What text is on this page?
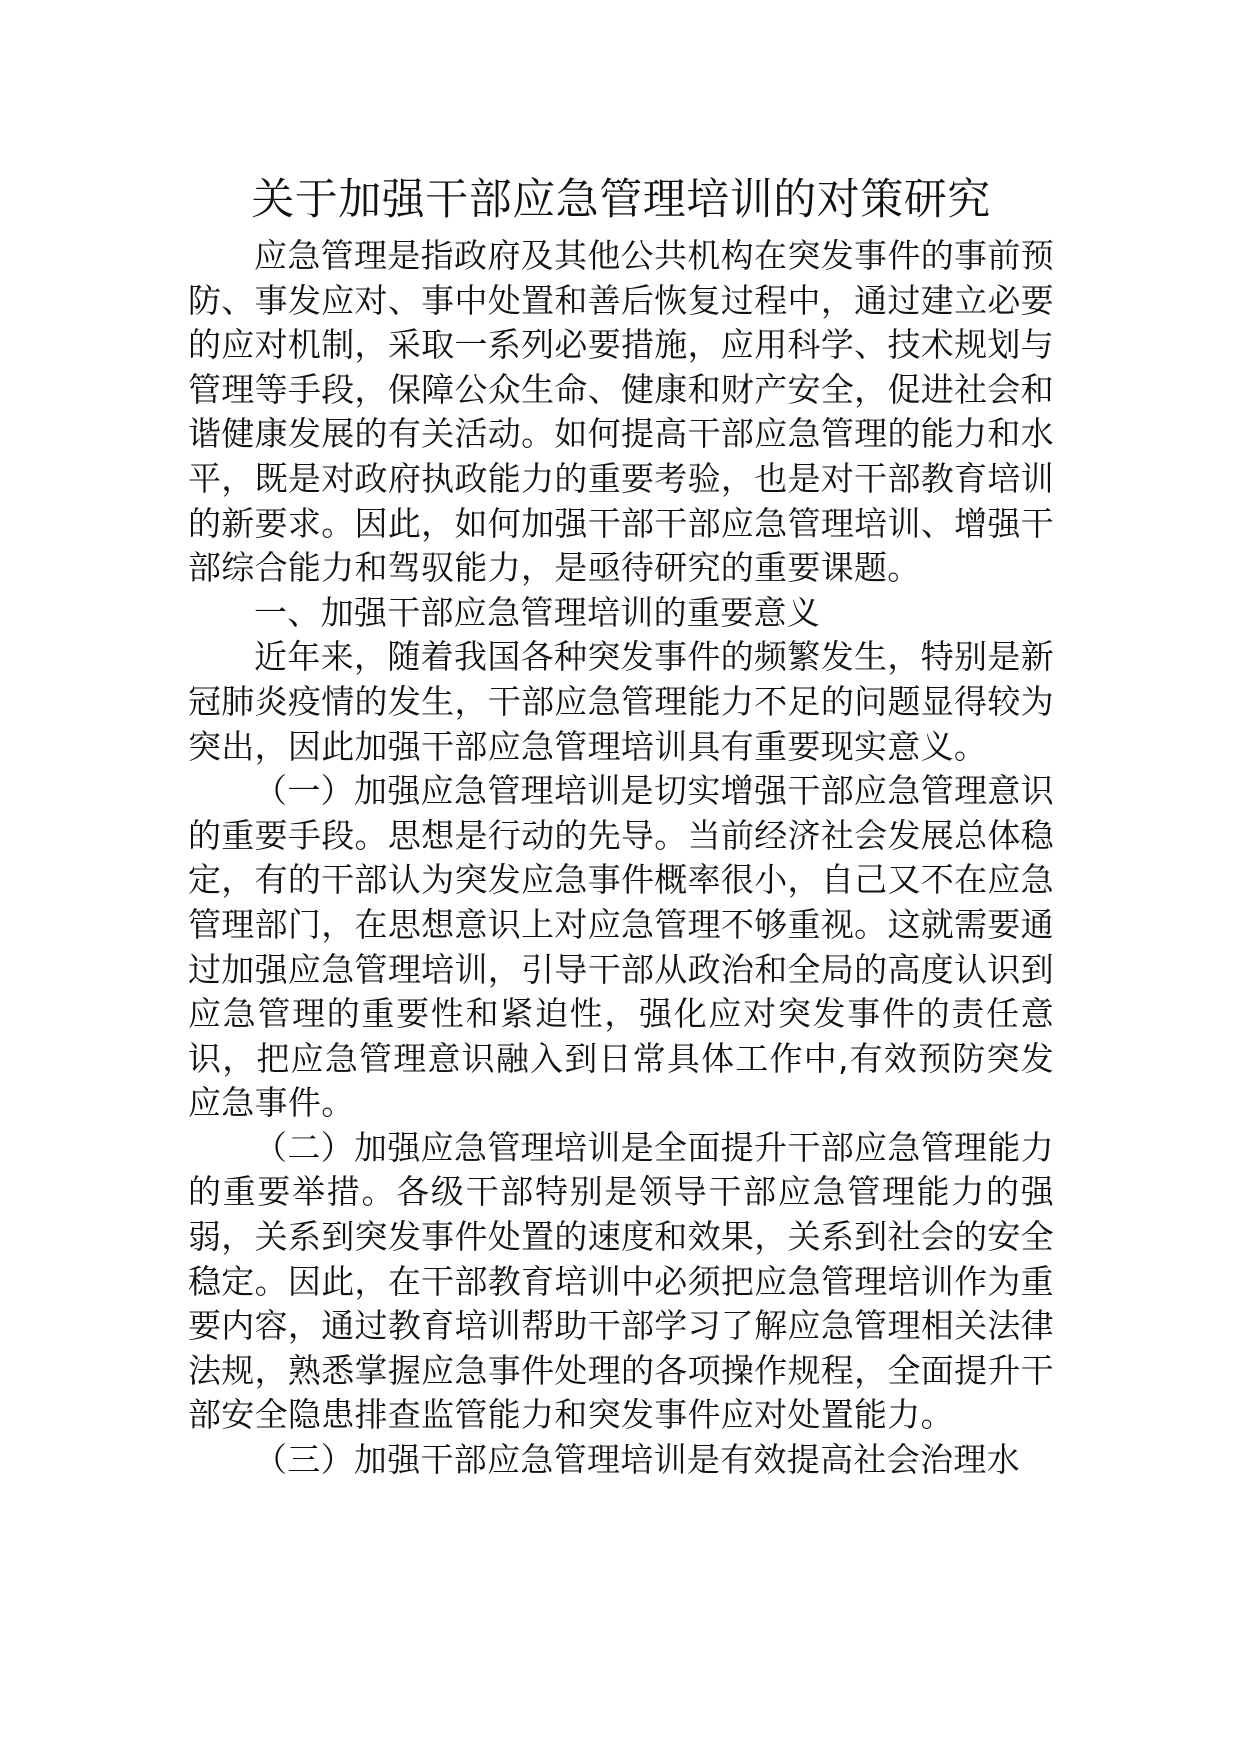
关于加强干部应急管理培训的对策研究

应急管理是指政府及其他公共机构在突发事件的事前预防、事发应对、事中处置和善后恢复过程中，通过建立必要的应对机制，采取一系列必要措施，应用科学、技术规划与管理等手段，保障公众生命、健康和财产安全，促进社会和谐健康发展的有关活动。如何提高干部应急管理的能力和水平，既是对政府执政能力的重要考验，也是对干部教育培训的新要求。因此，如何加强干部干部应急管理培训、增强干部综合能力和驾驭能力，是亟待研究的重要课题。

一、加强干部应急管理培训的重要意义

近年来，随着我国各种突发事件的频繁发生，特别是新冠肺炎疫情的发生，干部应急管理能力不足的问题显得较为突出，因此加强干部应急管理培训具有重要现实意义。

（一）加强应急管理培训是切实增强干部应急管理意识的重要手段。思想是行动的先导。当前经济社会发展总体稳定，有的干部认为突发应急事件概率很小，自己又不在应急管理部门，在思想意识上对应急管理不够重视。这就需要通过加强应急管理培训，引导干部从政治和全局的高度认识到应急管理的重要性和紧迫性，强化应对突发事件的责任意识，把应急管理意识融入到日常具体工作中,有效预防突发应急事件。

（二）加强应急管理培训是全面提升干部应急管理能力的重要举措。各级干部特别是领导干部应急管理能力的强弱，关系到突发事件处置的速度和效果，关系到社会的安全稳定。因此，在干部教育培训中必须把应急管理培训作为重要内容，通过教育培训帮助干部学习了解应急管理相关法律法规，熟悉掌握应急事件处理的各项操作规程，全面提升干部安全隐患排查监管能力和突发事件应对处置能力。

（三）加强干部应急管理培训是有效提高社会治理水
